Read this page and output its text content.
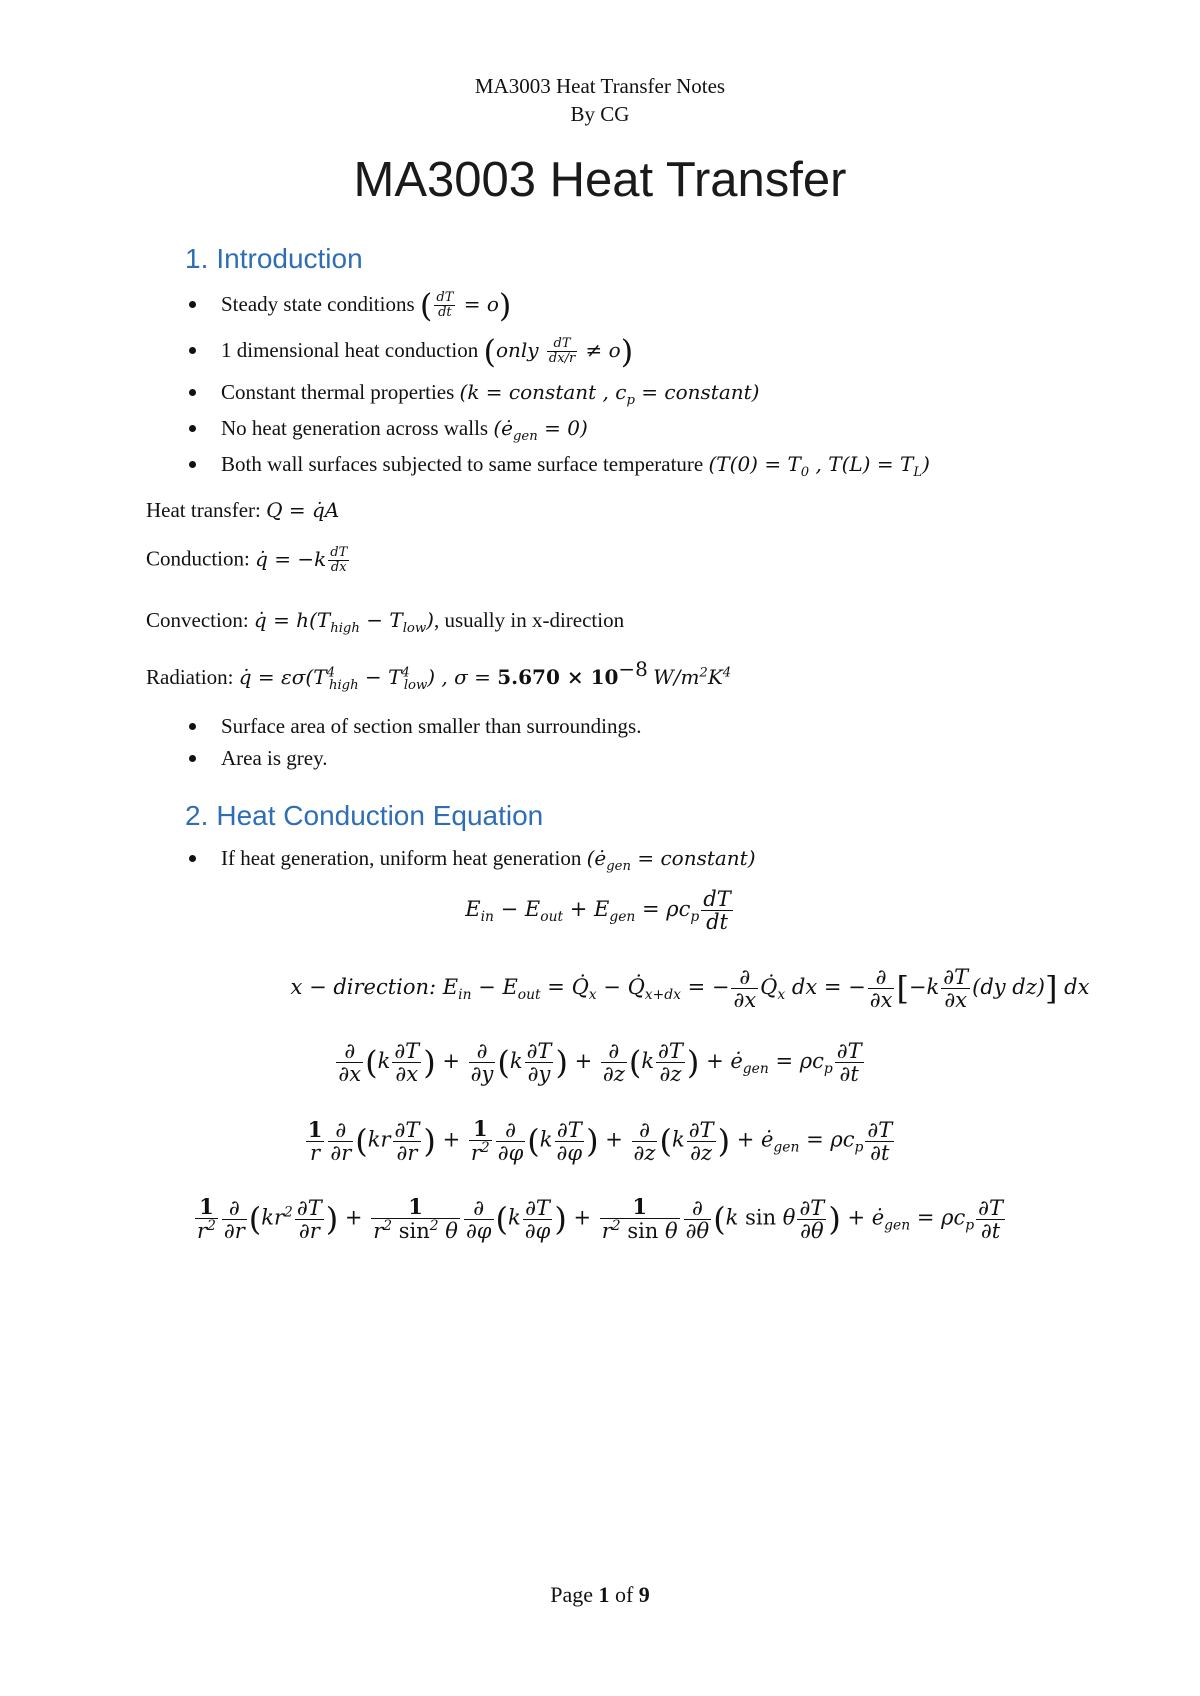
MA3003 Heat Transfer Notes
By CG
MA3003 Heat Transfer
1. Introduction
Steady state conditions ( $\frac{dT}{dt} = o$)
1 dimensional heat conduction (only $\frac{dT}{dx/r} \ne o$)
Constant thermal properties (k = constant , $c_p$ = constant)
No heat generation across walls $(ė_{gen} = 0)$
Both wall surfaces subjected to same surface temperature ($T(0) = T_0$ , $T(L) = T_L$)
Heat transfer: Q = q̇A
Conduction: q̇ = $-k \frac{dT}{dx}$
Convection: q̇ = $h(T_{high} - T_{low})$, usually in x-direction
Radiation: q̇ = $\varepsilon\sigma(T^4_{high} - T^4_{low})$ , $\sigma = 5.670 \times 10^{-8}$ $W/m^2K^4$
Surface area of section smaller than surroundings.
Area is grey.
2. Heat Conduction Equation
If heat generation, uniform heat generation ($ė_{gen}$ = constant)
$E_{in} - E_{out} + E_{gen} = \rho c_p \frac{dT}{dt}$
x − direction: $E_{in} - E_{out}$ = $Q̇_x$ − $Q̇_{x+dx}$ = − ∂
∂x
$Q̇_x$ dx = − ∂
∂x [$-k \frac{\partial T}{\partial x} (dy$ dz)] dx
∂
∂x ($k \frac{\partial T}{\partial x}$ ) + ∂
∂y ($k \frac{\partial T}{\partial y}$ ) + ∂
∂z ($k \frac{\partial T}{\partial z}$ ) + $ė_{gen} = \rho c_p \frac{\partial T}{\partial t}$
$\frac{1}{r}$ ∂
∂r ($kr \frac{\partial T}{\partial r}$ ) + $\frac{1}{r^2}$ ∂
∂φ ($k \frac{\partial T}{\partial\varphi}$ ) + ∂
∂z ($k \frac{\partial T}{\partial z}$ ) + $ė_{gen} = \rho c_p \frac{\partial T}{\partial t}$
$\frac{1}{r^2}$ ∂
∂r ($kr^2 \frac{\partial T}{\partial r}$ ) + $\frac{1}{r^2 \sin^2 \theta}$ ∂
∂φ ($k \frac{\partial T}{\partial\varphi}$ ) + $\frac{1}{r^2 \sin \theta}$ ∂
∂θ (k sin θ $\frac{\partial T}{\partial\theta}$ ) + $ė_{gen} = \rho c_p \frac{\partial T}{\partial t}$
Page 1 of 9
